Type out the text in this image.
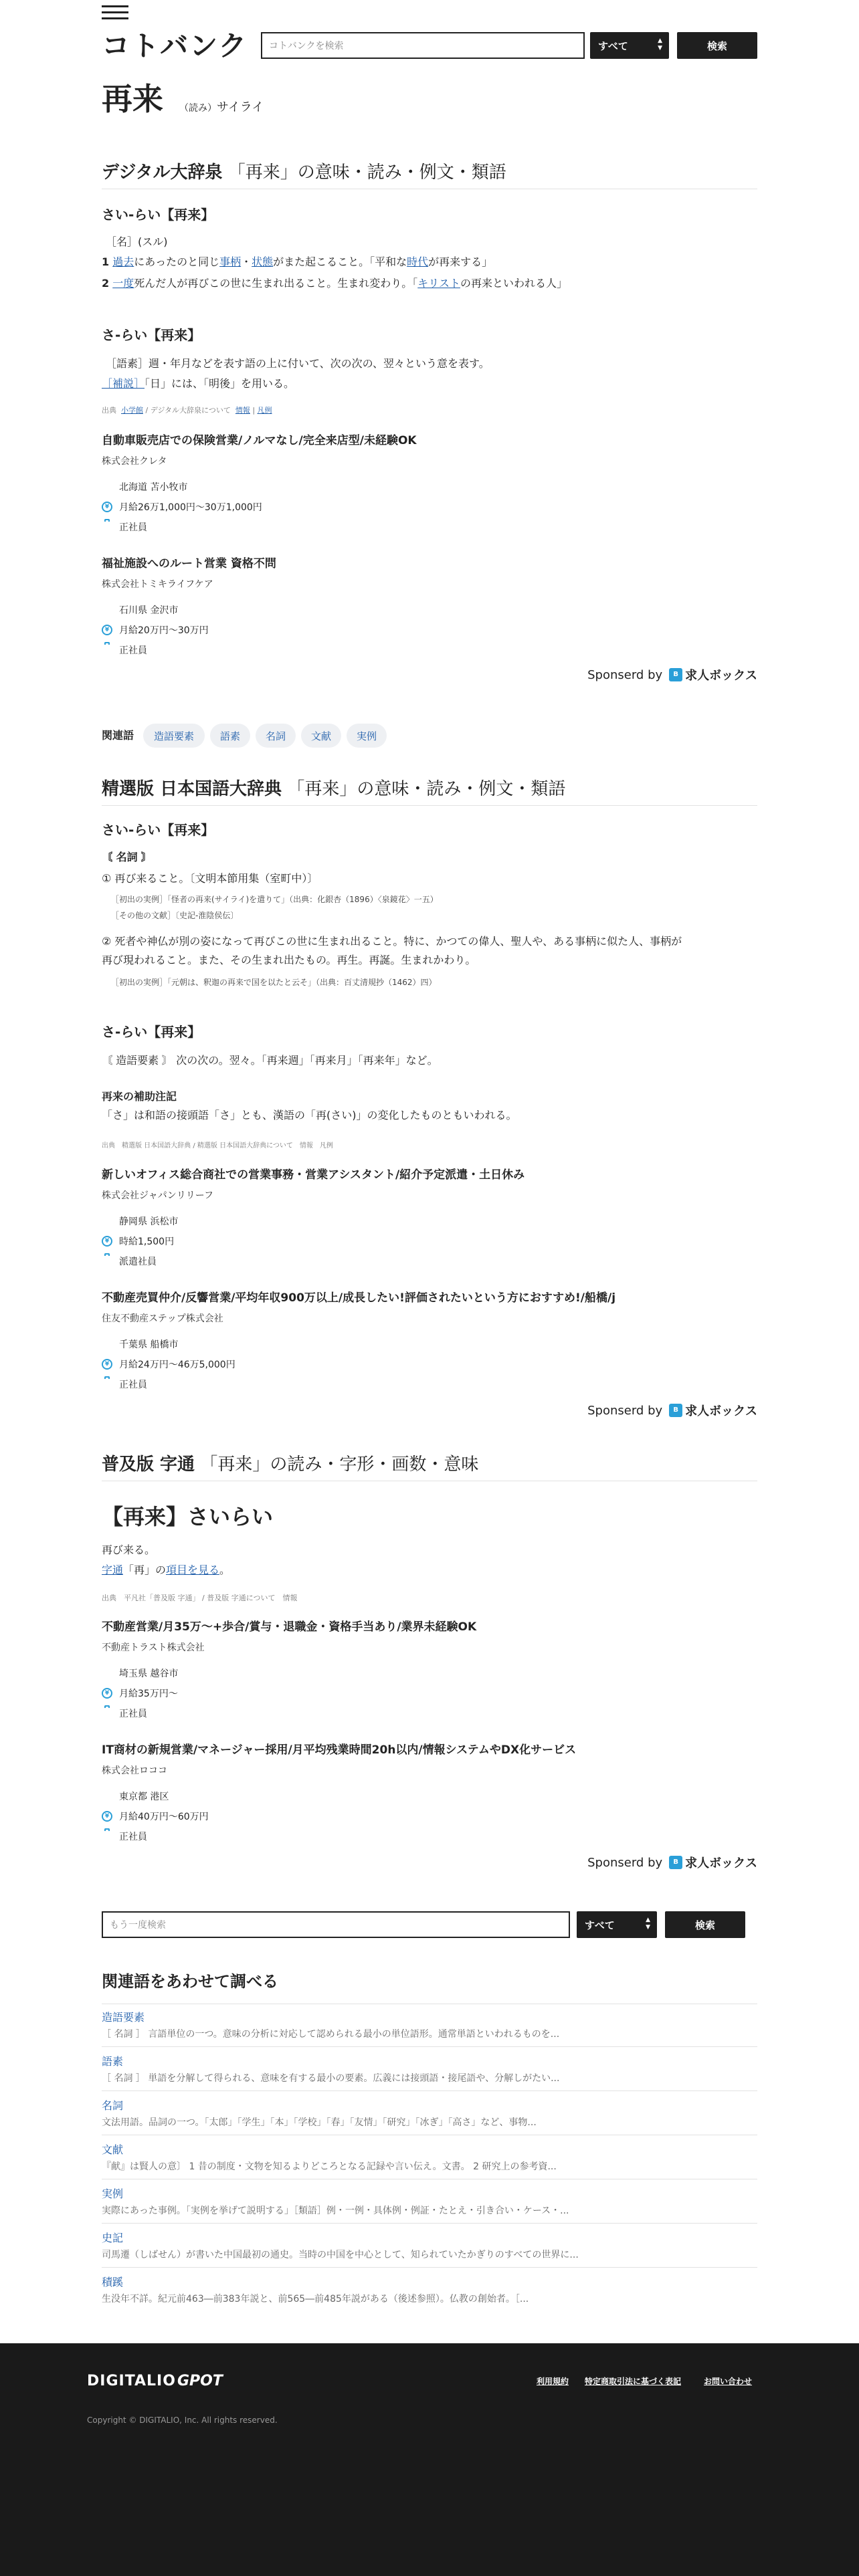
コトバンク	コトバンクを検索	すべて	▲
▼	検索
再来 （読み）サイライ
デジタル大辞泉 「再来」の意味・読み・例文・類語
さい‐らい【再来】
［名］(スル)
1 過去にあったのと同じ事柄・状態がまた起こること。「平和な時代が再来する」
2 一度死んだ人が再びこの世に生まれ出ること。生まれ変わり。「キリストの再来といわれる人」
さ‐らい【再来】
［語素］週・年月などを表す語の上に付いて、次の次の、翌々という意を表す。
［補説］「日」には、「明後」を用いる。
出典 小学館 / デジタル大辞泉について 情報 | 凡例
自動車販売店での保険営業/ノルマなし/完全来店型/未経験OK
株式会社クレタ
北海道 苫小牧市
¥	月給26万1,000円〜30万1,000円
正社員
福祉施設へのルート営業 資格不問
株式会社トミキライフケア
石川県 金沢市
¥	月給20万円〜30万円
正社員
Sponserd by	B 求人ボックス
関連語	造語要素	語素	名詞	文献	実例
精選版 日本国語大辞典 「再来」の意味・読み・例文・類語
さい‐らい【再来】
〘 名詞 〙
① 再び来ること。〔文明本節用集（室町中）〕
［初出の実例］「怪者の再来(サイライ)を遣りて」（出典：化銀杏（1896）〈泉鏡花〉一五）
［その他の文献］〔史記‐淮陰侯伝〕
② 死者や神仏が別の姿になって再びこの世に生まれ出ること。特に、かつての偉人、聖人や、ある事柄に似た人、事柄が
再び現われること。また、その生まれ出たもの。再生。再誕。生まれかわり。
［初出の実例］「元朝は、釈迦の再来で国を以たと云そ」（出典：百丈清規抄（1462）四）
さ‐らい【再来】
〘 造語要素 〙 次の次の。翌々。「再来週」「再来月」「再来年」など。
再来の補助注記
「さ」は和語の接頭語「さ」とも、漢語の「再(さい)」の変化したものともいわれる。
出典　精選版 日本国語大辞典 / 精選版 日本国語大辞典について　情報　凡例
新しいオフィス総合商社での営業事務・営業アシスタント/紹介予定派遣・土日休み
株式会社ジャパンリリーフ
静岡県 浜松市
¥	時給1,500円
派遣社員
不動産売買仲介/反響営業/平均年収900万以上/成長したい!評価されたいという方におすすめ!/船橋/j
住友不動産ステップ株式会社
千葉県 船橋市
¥	月給24万円〜46万5,000円
正社員
Sponserd by	B 求人ボックス
普及版 字通 「再来」の読み・字形・画数・意味
【再来】さいらい
再び来る。
字通「再」の項目を見る。
出典　平凡社「普及版 字通」 / 普及版 字通について　情報
不動産営業/月35万〜+歩合/賞与・退職金・資格手当あり/業界未経験OK
不動産トラスト株式会社
埼玉県 越谷市
¥	月給35万円〜
正社員
IT商材の新規営業/マネージャー採用/月平均残業時間20h以内/情報システムやDX化サービス
株式会社ロココ
東京都 港区
¥	月給40万円〜60万円
正社員
Sponserd by	B 求人ボックス
もう一度検索	すべて	▲
▼	検索
関連語をあわせて調べる
造語要素
［ 名詞 ］ 言語単位の一つ。意味の分析に対応して認められる最小の単位語形。通常単語といわれるものを...
語素
［ 名詞 ］ 単語を分解して得られる、意味を有する最小の要素。広義には接頭語・接尾語や、分解しがたい...
名詞
文法用語。品詞の一つ。「太郎」「学生」「本」「学校」「春」「友情」「研究」「冰ぎ」「高さ」など、事物...
文献
『献』は賢人の意〕 1 昔の制度・文物を知るよりどころとなる記録や言い伝え。文書。 2 研究上の参考資...
実例
実際にあった事例。「実例を挙げて説明する」［類語］例・一例・具体例・例証・たとえ・引き合い・ケース・...
史記
司馬遷（しばせん）が書いた中国最初の通史。当時の中国を中心として、知られていたかぎりのすべての世界に...
積蹊
生没年不詳。紀元前463―前383年説と、前565―前485年説がある（後述参照）。仏教の創始者。［...
DIGITALIO GPOT	利用規約 特定商取引法に基づく表記	お問い合わせ
Copyright © DIGITALIO, Inc. All rights reserved.
